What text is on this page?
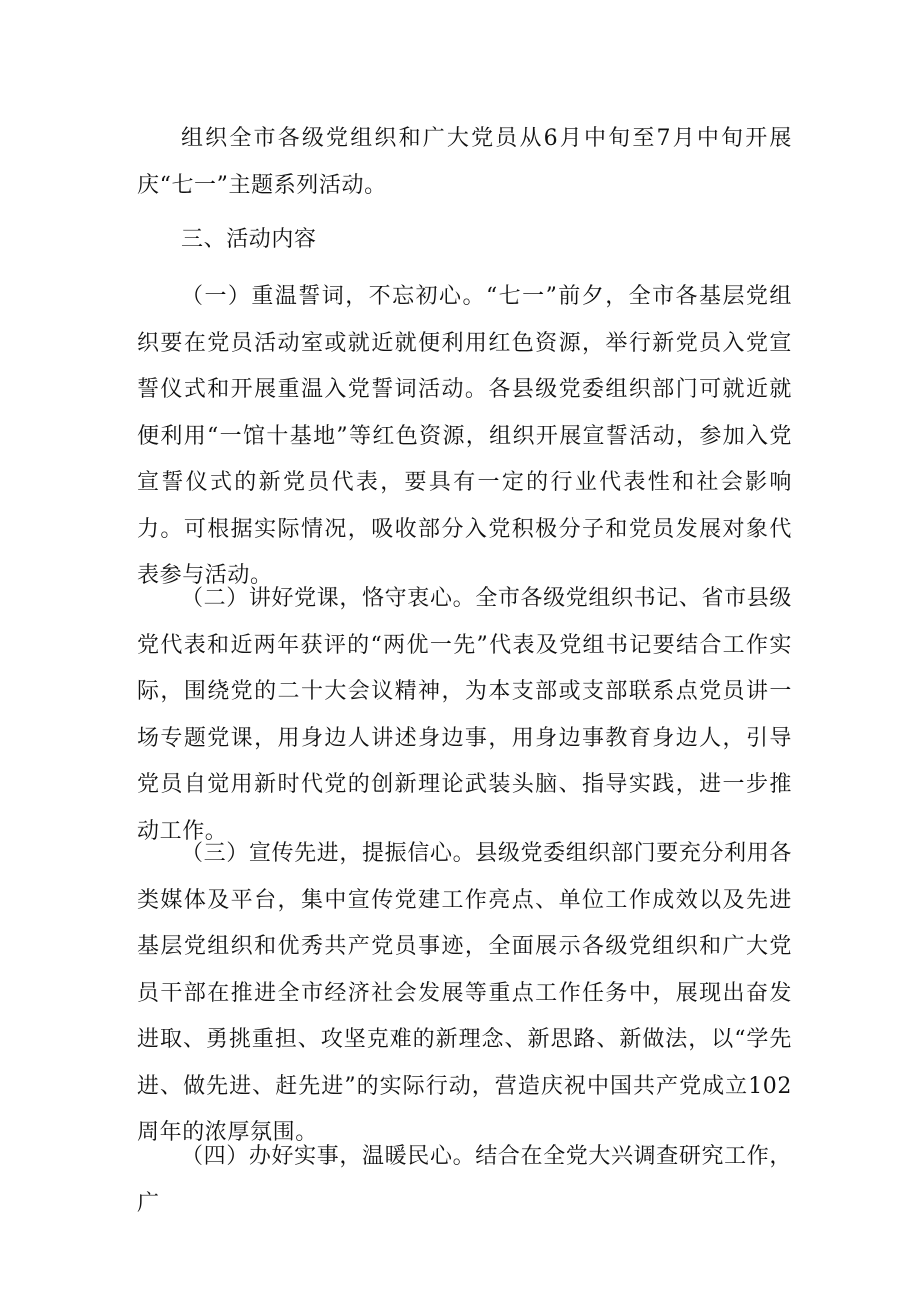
组织全市各级党组织和广大党员从6月中旬至7月中旬开展庆“七一”主题系列活动。

三、活动内容

（一）重温誓词，不忘初心。“七一”前夕，全市各基层党组织要在党员活动室或就近就便利用红色资源，举行新党员入党宣誓仪式和开展重温入党誓词活动。各县级党委组织部门可就近就便利用“一馆十基地”等红色资源，组织开展宣誓活动，参加入党宣誓仪式的新党员代表，要具有一定的行业代表性和社会影响力。可根据实际情况，吸收部分入党积极分子和党员发展对象代表参与活动。

（二）讲好党课，恪守衷心。全市各级党组织书记、省市县级党代表和近两年获评的“两优一先”代表及党组书记要结合工作实际，围绕党的二十大会议精神，为本支部或支部联系点党员讲一场专题党课，用身边人讲述身边事，用身边事教育身边人，引导党员自觉用新时代党的创新理论武装头脑、指导实践，进一步推动工作。

（三）宣传先进，提振信心。县级党委组织部门要充分利用各类媒体及平台，集中宣传党建工作亮点、单位工作成效以及先进基层党组织和优秀共产党员事迹，全面展示各级党组织和广大党员干部在推进全市经济社会发展等重点工作任务中，展现出奋发进取、勇挑重担、攻坚克难的新理念、新思路、新做法，以“学先进、做先进、赶先进”的实际行动，营造庆祝中国共产党成立102周年的浓厚氛围。

（四）办好实事，温暖民心。结合在全党大兴调查研究工作，广
